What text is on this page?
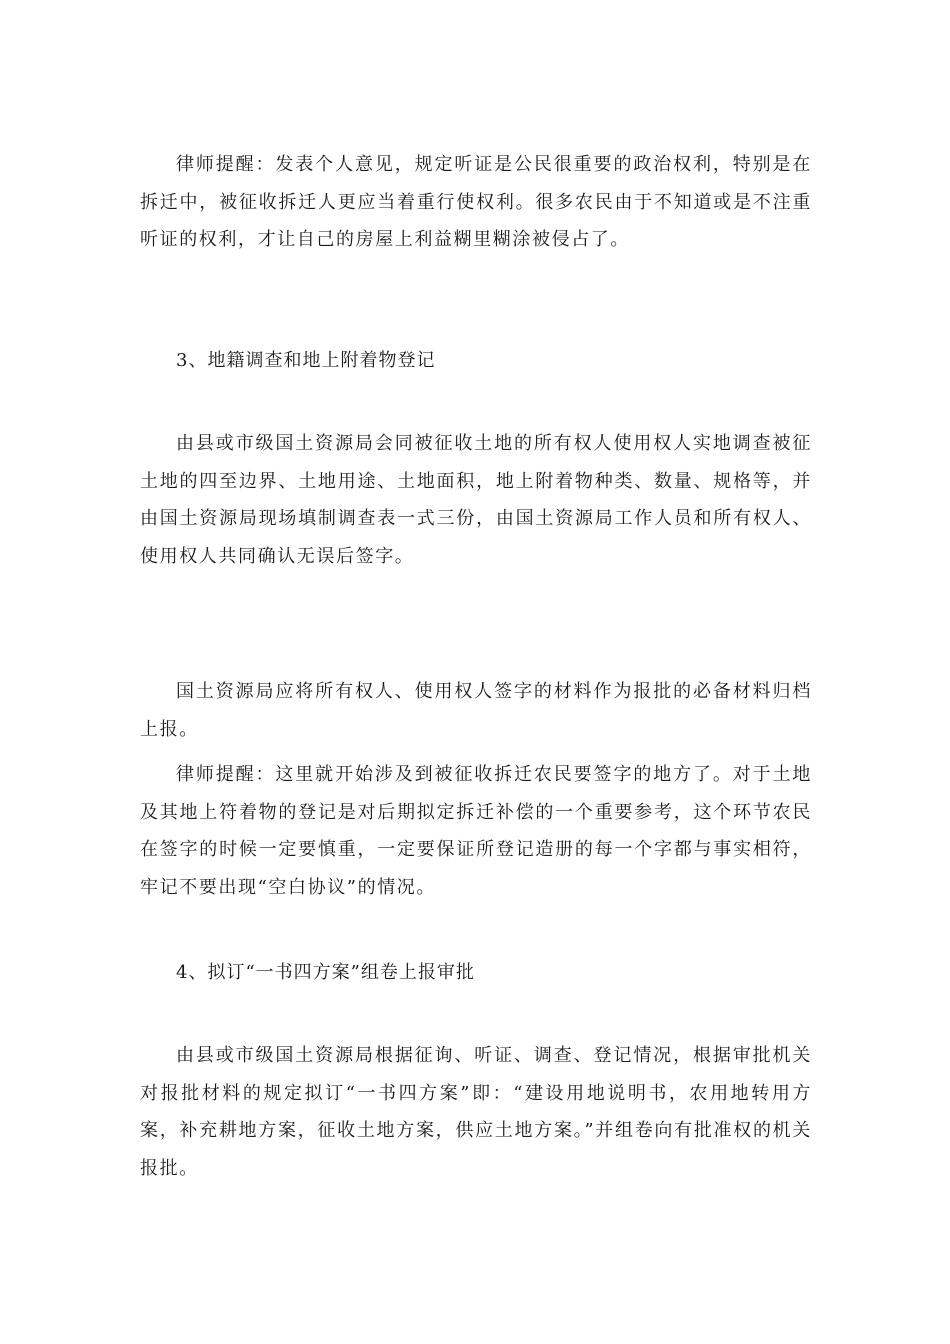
律师提醒：发表个人意见，规定听证是公民很重要的政治权利，特别是在拆迁中，被征收拆迁人更应当着重行使权利。很多农民由于不知道或是不注重听证的权利，才让自己的房屋上利益糊里糊涂被侵占了。

3、地籍调查和地上附着物登记

由县或市级国土资源局会同被征收土地的所有权人使用权人实地调查被征土地的四至边界、土地用途、土地面积，地上附着物种类、数量、规格等，并由国土资源局现场填制调查表一式三份，由国土资源局工作人员和所有权人、使用权人共同确认无误后签字。

国土资源局应将所有权人、使用权人签字的材料作为报批的必备材料归档上报。

律师提醒：这里就开始涉及到被征收拆迁农民要签字的地方了。对于土地及其地上符着物的登记是对后期拟定拆迁补偿的一个重要参考，这个环节农民在签字的时候一定要慎重，一定要保证所登记造册的每一个字都与事实相符，牢记不要出现“空白协议”的情况。

4、拟订“一书四方案”组卷上报审批

由县或市级国土资源局根据征询、听证、调查、登记情况，根据审批机关对报批材料的规定拟订“一书四方案”即：“建设用地说明书，农用地转用方案，补充耕地方案，征收土地方案，供应土地方案。”并组卷向有批准权的机关报批。
